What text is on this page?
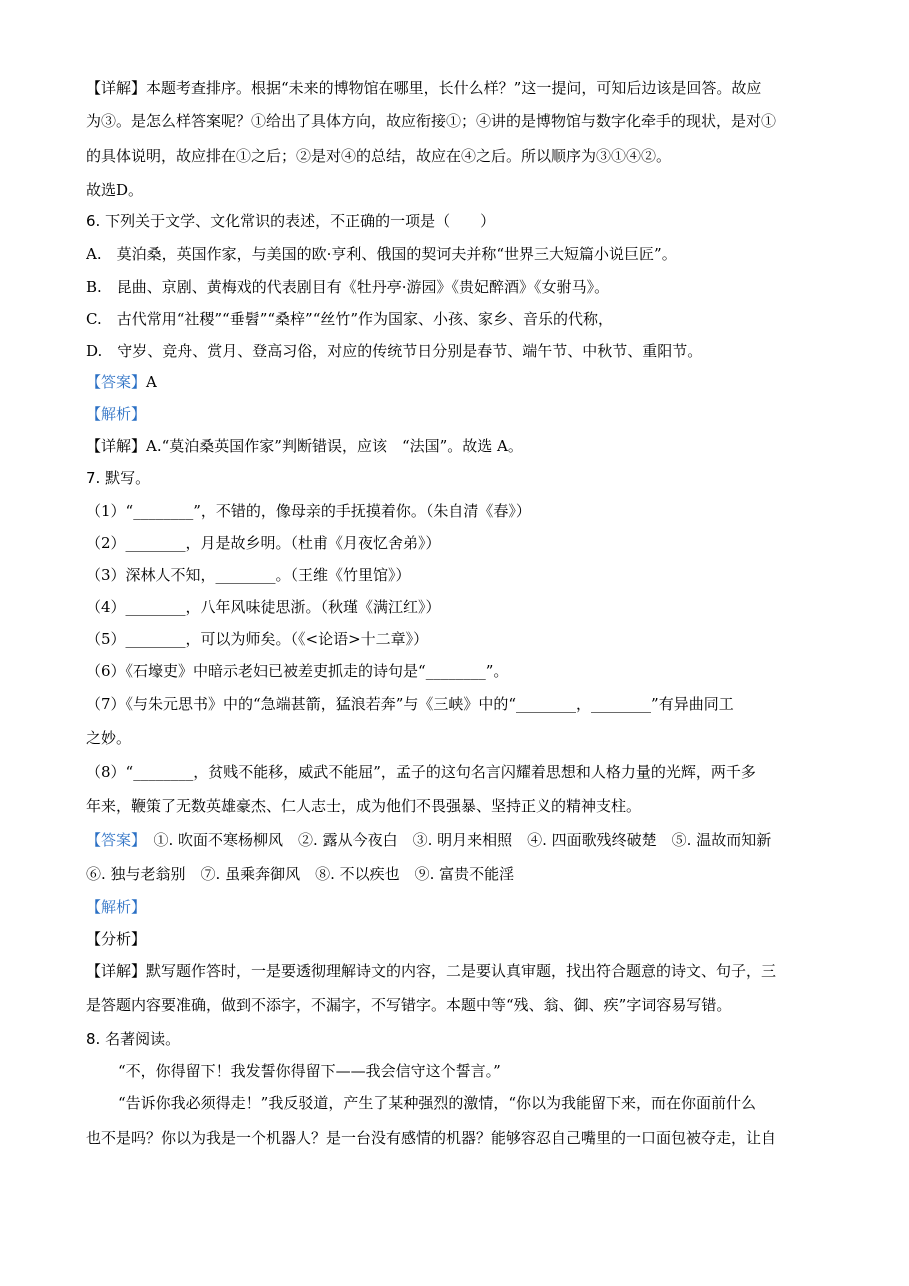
【详解】本题考查排序。根据“未来的博物馆在哪里，长什么样？”这一提问，可知后边该是回答。故应
为③。是怎么样答案呢？①给出了具体方向，故应衔接①；④讲的是博物馆与数字化牵手的现状，是对①
的具体说明，故应排在①之后；②是对④的总结，故应在④之后。所以顺序为③①④②。
故选D。
6. 下列关于文学、文化常识的表述，不正确的一项是（　　）
A.　莫泊桑，英国作家，与美国的欧·亨利、俄国的契诃夫并称“世界三大短篇小说巨匠”。
B.　昆曲、京剧、黄梅戏的代表剧目有《牡丹亭·游园》《贵妃醉酒》《女驸马》。
C.　古代常用“社稷”“垂髫”“桑梓”“丝竹”作为国家、小孩、家乡、音乐的代称，
D.　守岁、竞舟、赏月、登高习俗，对应的传统节日分别是春节、端午节、中秋节、重阳节。
【答案】A
【解析】
【详解】A.“莫泊桑英国作家”判断错误，应该　“法国”。故选 A。
7. 默写。
（1）“________”，不错的，像母亲的手抚摸着你。（朱自清《春》）
（2）________，月是故乡明。（杜甫《月夜忆舍弟》）
（3）深林人不知，________。（王维《竹里馆》）
（4）________，八年风味徒思浙。（秋瑾《满江红》）
（5）________，可以为师矣。（《<论语>十二章》）
（6）《石壕吏》中暗示老妇已被差吏抓走的诗句是“________”。
（7）《与朱元思书》中的“急端甚箭，猛浪若奔”与《三峡》中的“________，________”有异曲同工
之妙。
（8）“________，贫贱不能移，威武不能屈”，孟子的这句名言闪耀着思想和人格力量的光辉，两千多
年来，鞭策了无数英雄豪杰、仁人志士，成为他们不畏强暴、坚持正义的精神支柱。
【答案】　①. 吹面不寒杨柳风　②. 露从今夜白　③. 明月来相照　④. 四面歌残终破楚　⑤. 温故而知新
⑥. 独与老翁别　⑦. 虽乘奔御风　⑧. 不以疾也　⑨. 富贵不能淫
【解析】
【分析】
【详解】默写题作答时，一是要透彻理解诗文的内容，二是要认真审题，找出符合题意的诗文、句子，三
是答题内容要准确，做到不添字，不漏字，不写错字。本题中等“残、翁、御、疾”字词容易写错。
8. 名著阅读。
“不，你得留下！我发誓你得留下——我会信守这个誓言。”
“告诉你我必须得走！”我反驳道，产生了某种强烈的激情，“你以为我能留下来，而在你面前什么
也不是吗？你以为我是一个机器人？是一台没有感情的机器？能够容忍自己嘴里的一口面包被夺走，让自
